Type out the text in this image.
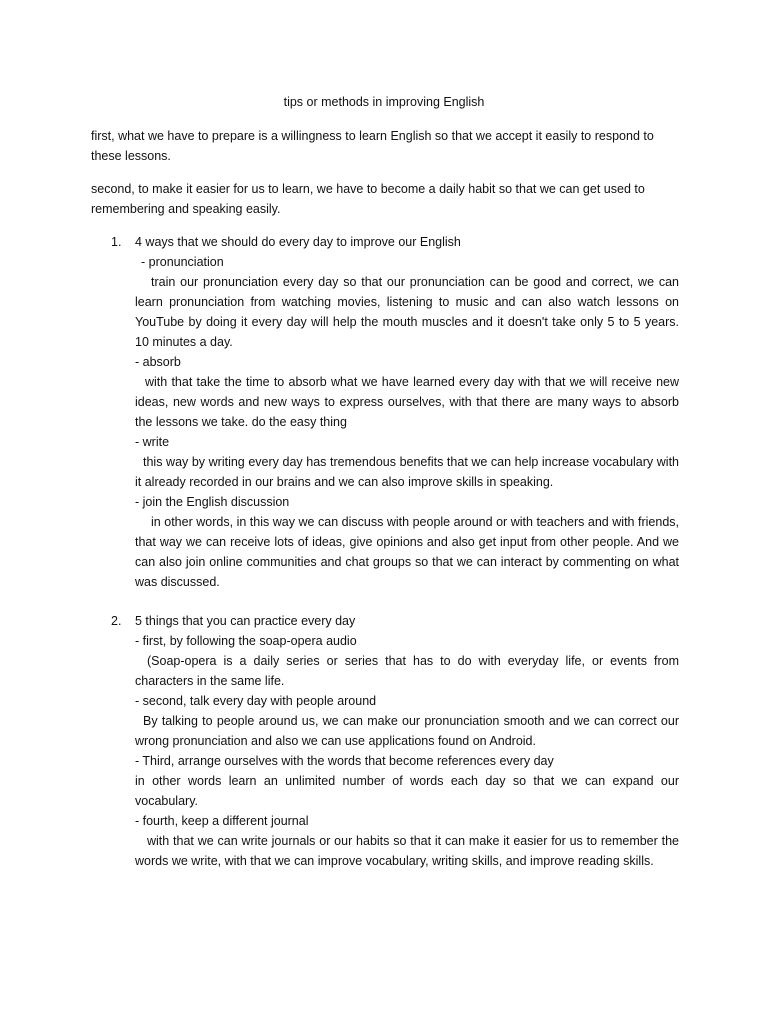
tips or methods in improving English
first, what we have to prepare is a willingness to learn English so that we accept it easily to respond to these lessons.
second, to make it easier for us to learn, we have to become a daily habit so that we can get used to remembering and speaking easily.
1. 4 ways that we should do every day to improve our English
- pronunciation
train our pronunciation every day so that our pronunciation can be good and correct, we can learn pronunciation from watching movies, listening to music and can also watch lessons on YouTube by doing it every day will help the mouth muscles and it doesn't take only 5 to 5 years. 10 minutes a day.
- absorb
with that take the time to absorb what we have learned every day with that we will receive new ideas, new words and new ways to express ourselves, with that there are many ways to absorb the lessons we take. do the easy thing
- write
this way by writing every day has tremendous benefits that we can help increase vocabulary with it already recorded in our brains and we can also improve skills in speaking.
- join the English discussion
in other words, in this way we can discuss with people around or with teachers and with friends, that way we can receive lots of ideas, give opinions and also get input from other people. And we can also join online communities and chat groups so that we can interact by commenting on what was discussed.
2. 5 things that you can practice every day
- first, by following the soap-opera audio
(Soap-opera is a daily series or series that has to do with everyday life, or events from characters in the same life.
- second, talk every day with people around
By talking to people around us, we can make our pronunciation smooth and we can correct our wrong pronunciation and also we can use applications found on Android.
- Third, arrange ourselves with the words that become references every day
in other words learn an unlimited number of words each day so that we can expand our vocabulary.
- fourth, keep a different journal
with that we can write journals or our habits so that it can make it easier for us to remember the words we write, with that we can improve vocabulary, writing skills, and improve reading skills.
